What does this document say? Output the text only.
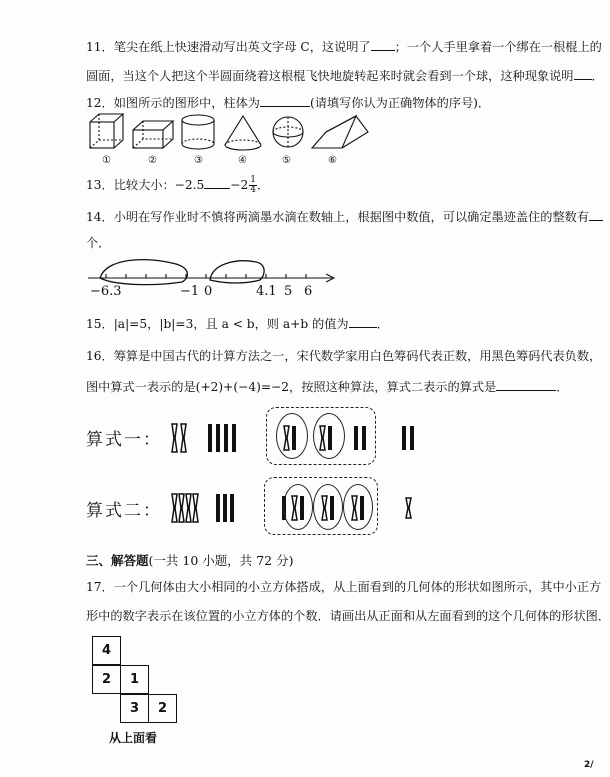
11．笔尖在纸上快速滑动写出英文字母 C，这说明了 ；一个人手里拿着一个绑在一根棍上的
圆面，当这个人把这个半圆面绕着这根棍飞快地旋转起来时就会看到一个球，这种现象说明 ．
12．如图所示的图形中，柱体为	(请填写你认为正确物体的序号)．
①	②	③	④	⑤	⑥
13．比较大小：$-2.5 -2 \frac{1}{4}$ ．
14．小明在写作业时不慎将两滴墨水滴在数轴上，根据图中数值，可以确定墨迹盖住的整数有
个．
−6.3	−1 0	4.1 5 6
15．|a|=5，|b|=3，且 a < b，则 a+b 的值为 ．
16．筹算是中国古代的计算方法之一，宋代数学家用白色筹码代表正数，用黑色筹码代表负数，
图中算式一表示的是(+2)+(−4)=−2，按照这种算法，算式二表示的算式是	．
算式一：
算式二：
三、解答题(一共 10 小题，共 72 分)
17．一个几何体由大小相同的小立方体搭成，从上面看到的几何体的形状如图所示，其中小正方
形中的数字表示在该位置的小立方体的个数．请画出从正面和从左面看到的这个几何体的形状图．
4
2	1
3	2
从上面看
2/
